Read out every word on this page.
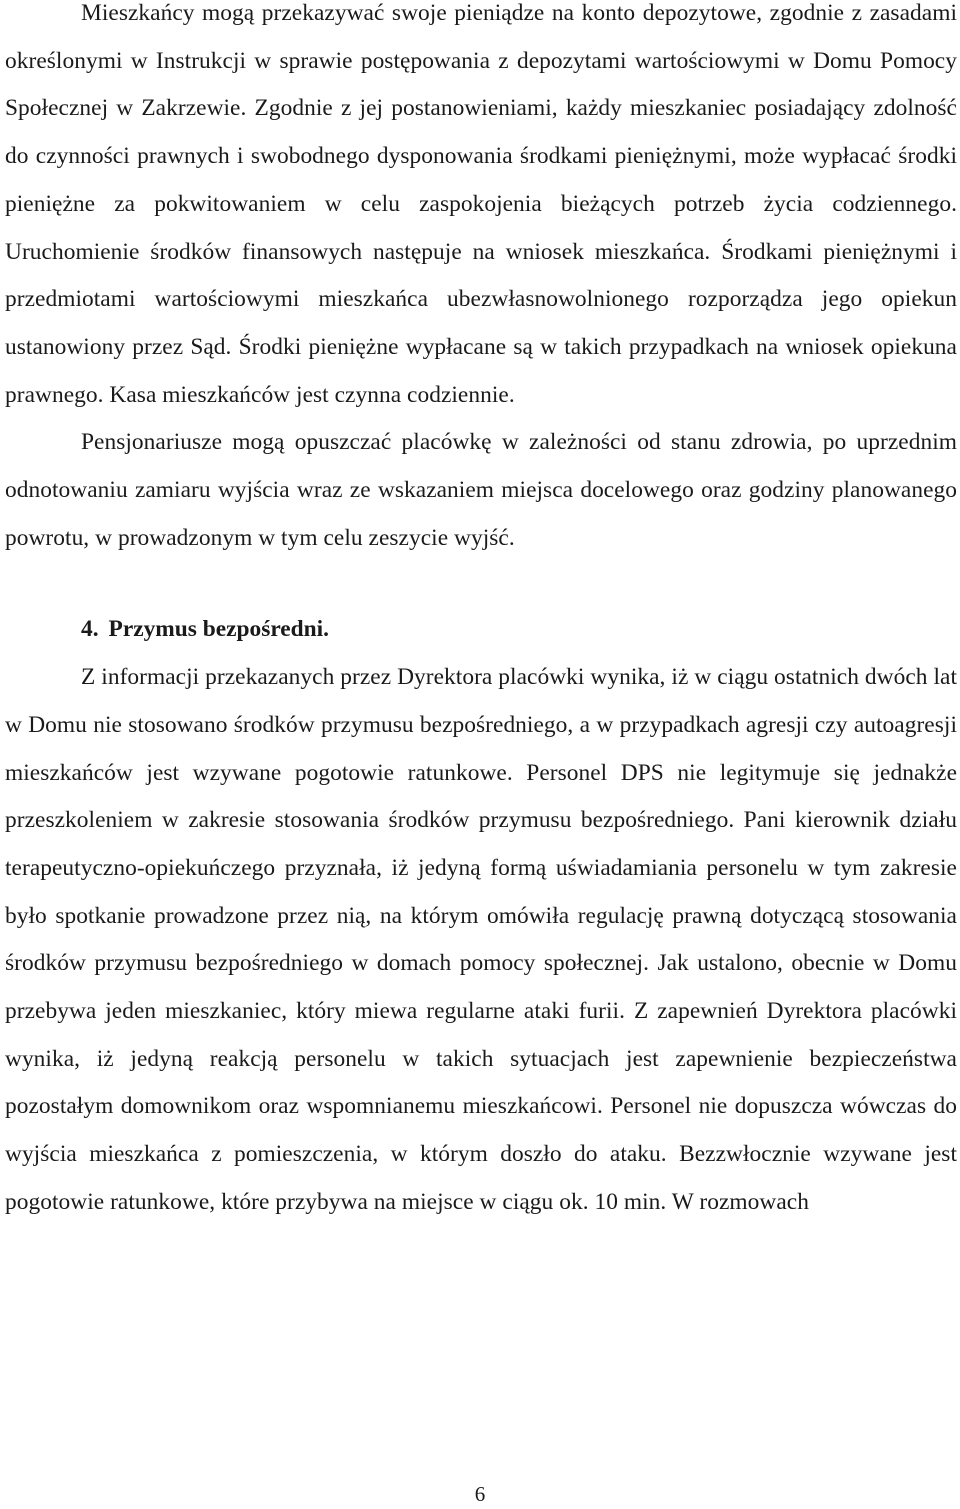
Mieszkańcy mogą przekazywać swoje pieniądze na konto depozytowe, zgodnie z zasadami określonymi w Instrukcji w sprawie postępowania z depozytami wartościowymi w Domu Pomocy Społecznej w Zakrzewie. Zgodnie z jej postanowieniami, każdy mieszkaniec posiadający zdolność do czynności prawnych i swobodnego dysponowania środkami pieniężnymi, może wypłacać środki pieniężne za pokwitowaniem w celu zaspokojenia bieżących potrzeb życia codziennego. Uruchomienie środków finansowych następuje na wniosek mieszkańca. Środkami pieniężnymi i przedmiotami wartościowymi mieszkańca ubezwłasnowolnionego rozporządza jego opiekun ustanowiony przez Sąd. Środki pieniężne wypłacane są w takich przypadkach na wniosek opiekuna prawnego. Kasa mieszkańców jest czynna codziennie.

Pensjonariusze mogą opuszczać placówkę w zależności od stanu zdrowia, po uprzednim odnotowaniu zamiaru wyjścia wraz ze wskazaniem miejsca docelowego oraz godziny planowanego powrotu, w prowadzonym w tym celu zeszycie wyjść.

4. Przymus bezpośredni.

Z informacji przekazanych przez Dyrektora placówki wynika, iż w ciągu ostatnich dwóch lat w Domu nie stosowano środków przymusu bezpośredniego, a w przypadkach agresji czy autoagresji mieszkańców jest wzywane pogotowie ratunkowe. Personel DPS nie legitymuje się jednakże przeszkoleniem w zakresie stosowania środków przymusu bezpośredniego. Pani kierownik działu terapeutyczno-opiekuńczego przyznała, iż jedyną formą uświadamiania personelu w tym zakresie było spotkanie prowadzone przez nią, na którym omówiła regulację prawną dotyczącą stosowania środków przymusu bezpośredniego w domach pomocy społecznej. Jak ustalono, obecnie w Domu przebywa jeden mieszkaniec, który miewa regularne ataki furii. Z zapewnień Dyrektora placówki wynika, iż jedyną reakcją personelu w takich sytuacjach jest zapewnienie bezpieczeństwa pozostałym domownikom oraz wspomnianemu mieszkańcowi. Personel nie dopuszcza wówczas do wyjścia mieszkańca z pomieszczenia, w którym doszło do ataku. Bezzwłocznie wzywane jest pogotowie ratunkowe, które przybywa na miejsce w ciągu ok. 10 min. W rozmowach

6
